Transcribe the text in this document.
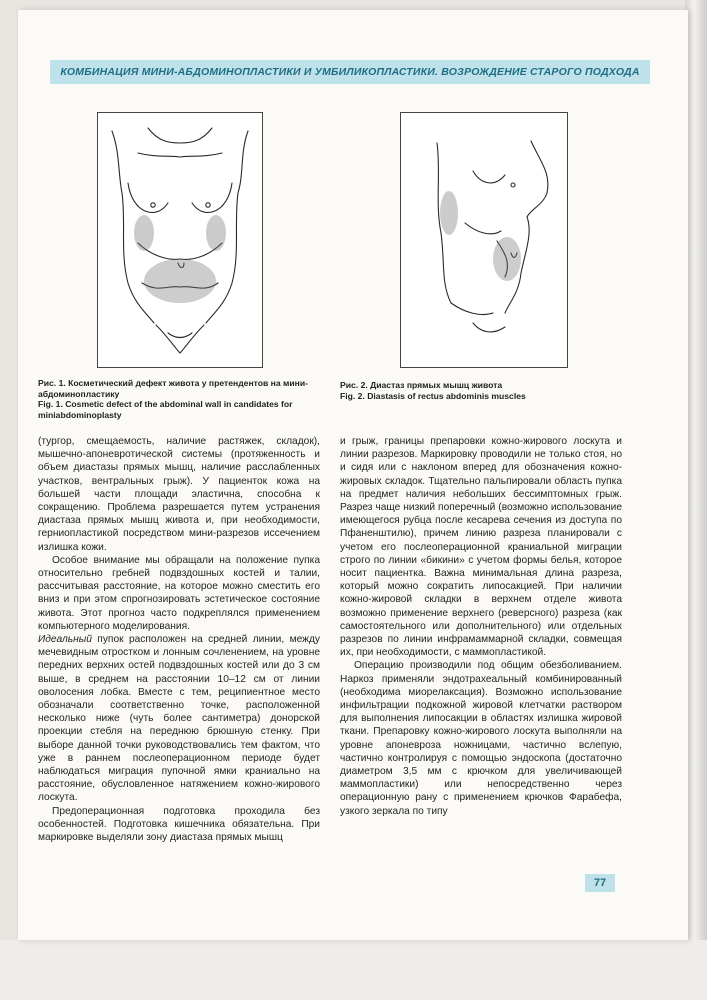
КОМБИНАЦИЯ МИНИ-АБДОМИНОПЛАСТИКИ И УМБИЛИКОПЛАСТИКИ. ВОЗРОЖДЕНИЕ СТАРОГО ПОДХОДА
Рис. 1. Косметический дефект живота у претендентов на мини-абдоминопластику
Fig. 1. Cosmetic defect of the abdominal wall in candidates for miniabdominoplasty
Рис. 2. Диастаз прямых мышц живота
Fig. 2. Diastasis of rectus abdominis muscles

(тургор, смещаемость, наличие растяжек, складок), мышечно-апоневротической системы (протяженность и объем диастазы прямых мышц, наличие расслабленных участков, вентральных грыж). У пациенток кожа на большей части площади эластична, способна к сокращению. Проблема разрешается путем устранения диастаза прямых мышц живота и, при необходимости, герниопластикой посредством мини-разрезов иссечением излишка кожи.

Особое внимание мы обращали на положение пупка относительно гребней подвздошных костей и талии, рассчитывая расстояние, на которое можно сместить его вниз и при этом спрогнозировать эстетическое состояние живота. Этот прогноз часто подкреплялся применением компьютерного моделирования.

Идеальный пупок расположен на средней линии, между мечевидным отростком и лонным сочленением, на уровне передних верхних остей подвздошных костей или до 3 см выше, в среднем на расстоянии 10–12 см от линии оволосения лобка. Вместе с тем, реципиентное место обозначали соответственно точке, расположенной несколько ниже (чуть более сантиметра) донорской проекции стебля на переднюю брюшную стенку. При выборе данной точки руководствовались тем фактом, что уже в раннем послеоперационном периоде будет наблюдаться миграция пупочной ямки краниально на расстояние, обусловленное натяжением кожно-жирового лоскута.

Предоперационная подготовка проходила без особенностей. Подготовка кишечника обязательна. При маркировке выделяли зону диастаза прямых мышц

и грыж, границы препаровки кожно-жирового лоскута и линии разрезов. Маркировку проводили не только стоя, но и сидя или с наклоном вперед для обозначения кожно-жировых складок. Тщательно пальпировали область пупка на предмет наличия небольших бессимптомных грыж. Разрез чаще низкий поперечный (возможно использование имеющегося рубца после кесарева сечения из доступа по Пфаненштилю), причем линию разреза планировали с учетом его послеоперационной краниальной миграции строго по линии «бикини» с учетом формы белья, которое носит пациентка. Важна минимальная длина разреза, который можно сократить липосакцией. При наличии кожно-жировой складки в верхнем отделе живота возможно применение верхнего (реверсного) разреза (как самостоятельного или дополнительного) или отдельных разрезов по линии инфрамаммарной складки, совмещая их, при необходимости, с маммопластикой.

Операцию производили под общим обезболиванием. Наркоз применяли эндотрахеальный комбинированный (необходима миорелаксация). Возможно использование инфильтрации подкожной жировой клетчатки раствором для выполнения липосакции в областях излишка жировой ткани. Препаровку кожно-жирового лоскута выполняли на уровне апоневроза ножницами, частично вслепую, частично контролируя с помощью эндоскопа (достаточно диаметром 3,5 мм с крючком для увеличивающей маммопластики) или непосредственно через операционную рану с применением крючков Фарабефа, узкого зеркала по типу

77
